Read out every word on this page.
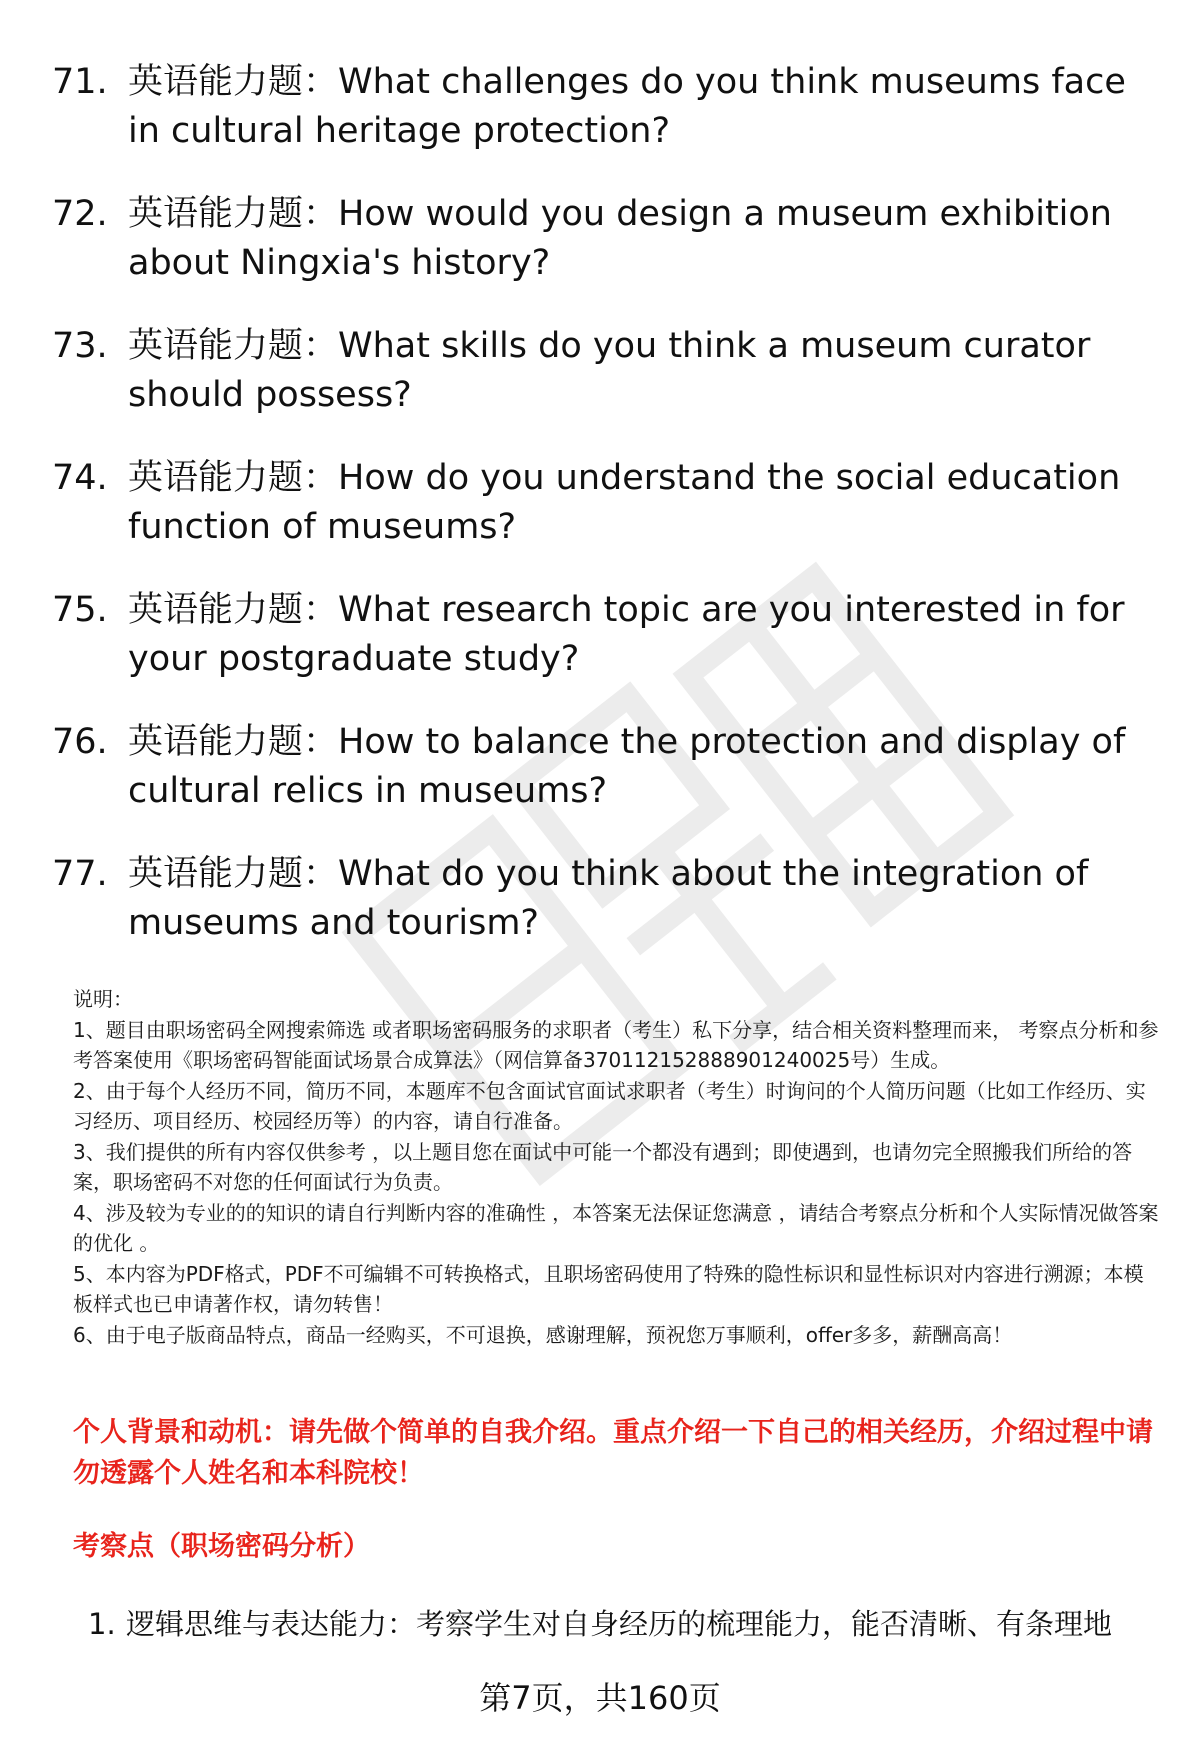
71. 英语能力题：What challenges do you think museums face in cultural heritage protection?
72. 英语能力题：How would you design a museum exhibition about Ningxia's history?
73. 英语能力题：What skills do you think a museum curator should possess?
74. 英语能力题：How do you understand the social education function of museums?
75. 英语能力题：What research topic are you interested in for your postgraduate study?
76. 英语能力题：How to balance the protection and display of cultural relics in museums?
77. 英语能力题：What do you think about the integration of museums and tourism?

说明：

1、题目由职场密码全网搜索筛选 或者职场密码服务的求职者（考生）私下分享，结合相关资料整理而来， 考察点分析和参考答案使用《职场密码智能面试场景合成算法》（网信算备370112152888901240025号）生成。

2、由于每个人经历不同，简历不同，本题库不包含面试官面试求职者（考生）时询问的个人简历问题（比如工作经历、实习经历、项目经历、校园经历等）的内容，请自行准备。

3、我们提供的所有内容仅供参考 ，以上题目您在面试中可能一个都没有遇到；即使遇到，也请勿完全照搬我们所给的答案，职场密码不对您的任何面试行为负责。

4、涉及较为专业的的知识的请自行判断内容的准确性 ，本答案无法保证您满意 ，请结合考察点分析和个人实际情况做答案的优化 。

5、本内容为PDF格式，PDF不可编辑不可转换格式，且职场密码使用了特殊的隐性标识和显性标识对内容进行溯源；本模板样式也已申请著作权，请勿转售！

6、由于电子版商品特点，商品一经购买，不可退换，感谢理解，预祝您万事顺利，offer多多，薪酬高高！

个人背景和动机：请先做个简单的自我介绍。重点介绍一下自己的相关经历，介绍过程中请勿透露个人姓名和本科院校！
考察点（职场密码分析）
1. 逻辑思维与表达能力：考察学生对自身经历的梳理能力，能否清晰、有条理地
第7页，共160页
